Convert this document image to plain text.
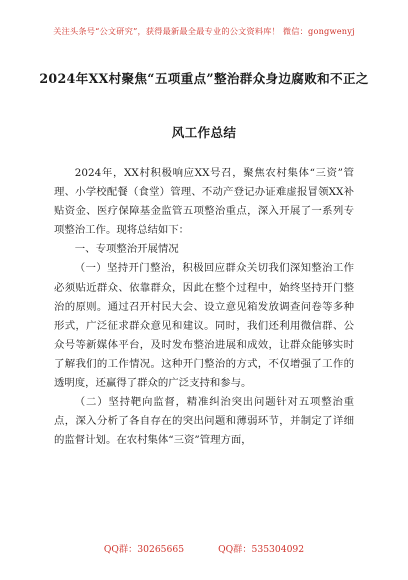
关注头条号“公文研究”，获得最新最全最专业的公文资料库！ 微信：gongwenyj
2024年XX村聚焦“五项重点”整治群众身边腐败和不正之
风工作总结

2024年，XX村积极响应XX号召，聚焦农村集体“三资”管理、小学校配餐（食堂）管理、不动产登记办证难虚报冒领XX补贴资金、医疗保障基金监管五项整治重点，深入开展了一系列专项整治工作。现将总结如下：

一、专项整治开展情况

（一）坚持开门整治，积极回应群众关切我们深知整治工作必须贴近群众、依靠群众，因此在整个过程中，始终坚持开门整治的原则。通过召开村民大会、设立意见箱发放调查问卷等多种形式，广泛征求群众意见和建议。同时，我们还利用微信群、公众号等新媒体平台，及时发布整治进展和成效，让群众能够实时了解我们的工作情况。这种开门整治的方式，不仅增强了工作的透明度，还赢得了群众的广泛支持和参与。

（二）坚持靶向监督，精准纠治突出问题针对五项整治重点，深入分析了各自存在的突出问题和薄弱环节，并制定了详细的监督计划。在农村集体“三资”管理方面，

QQ群：30265665	QQ群：535304092
